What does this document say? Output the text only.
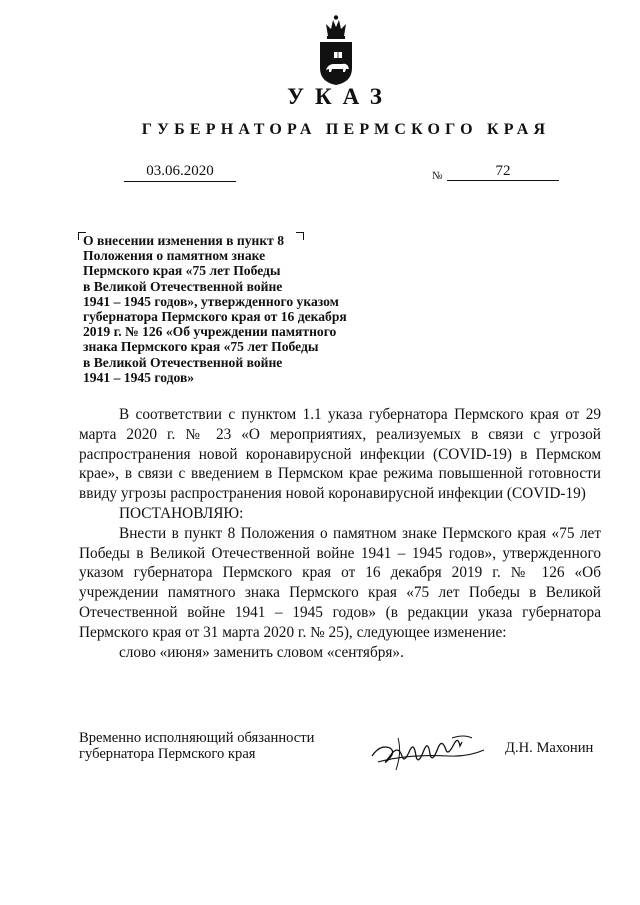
УКАЗ
ГУБЕРНАТОРА ПЕРМСКОГО КРАЯ
03.06.2020	№	72
О внесении изменения в пункт 8
Положения о памятном знаке
Пермского края «75 лет Победы
в Великой Отечественной войне
1941 – 1945 годов», утвержденного указом
губернатора Пермского края от 16 декабря
2019 г. № 126 «Об учреждении памятного
знака Пермского края «75 лет Победы
в Великой Отечественной войне
1941 – 1945 годов»

В соответствии с пунктом 1.1 указа губернатора Пермского края от 29 марта 2020 г. № 23 «О мероприятиях, реализуемых в связи с угрозой распространения новой коронавирусной инфекции (COVID-19) в Пермском крае», в связи с введением в Пермском крае режима повышенной готовности ввиду угрозы распространения новой коронавирусной инфекции (COVID-19)

ПОСТАНОВЛЯЮ:

Внести в пункт 8 Положения о памятном знаке Пермского края «75 лет Победы в Великой Отечественной войне 1941 – 1945 годов», утвержденного указом губернатора Пермского края от 16 декабря 2019 г. № 126 «Об учреждении памятного знака Пермского края «75 лет Победы в Великой Отечественной войне 1941 – 1945 годов» (в редакции указа губернатора Пермского края от 31 марта 2020 г. № 25), следующее изменение:

слово «июня» заменить словом «сентября».

Временно исполняющий обязанности
губернатора Пермского края	Д.Н. Махонин
